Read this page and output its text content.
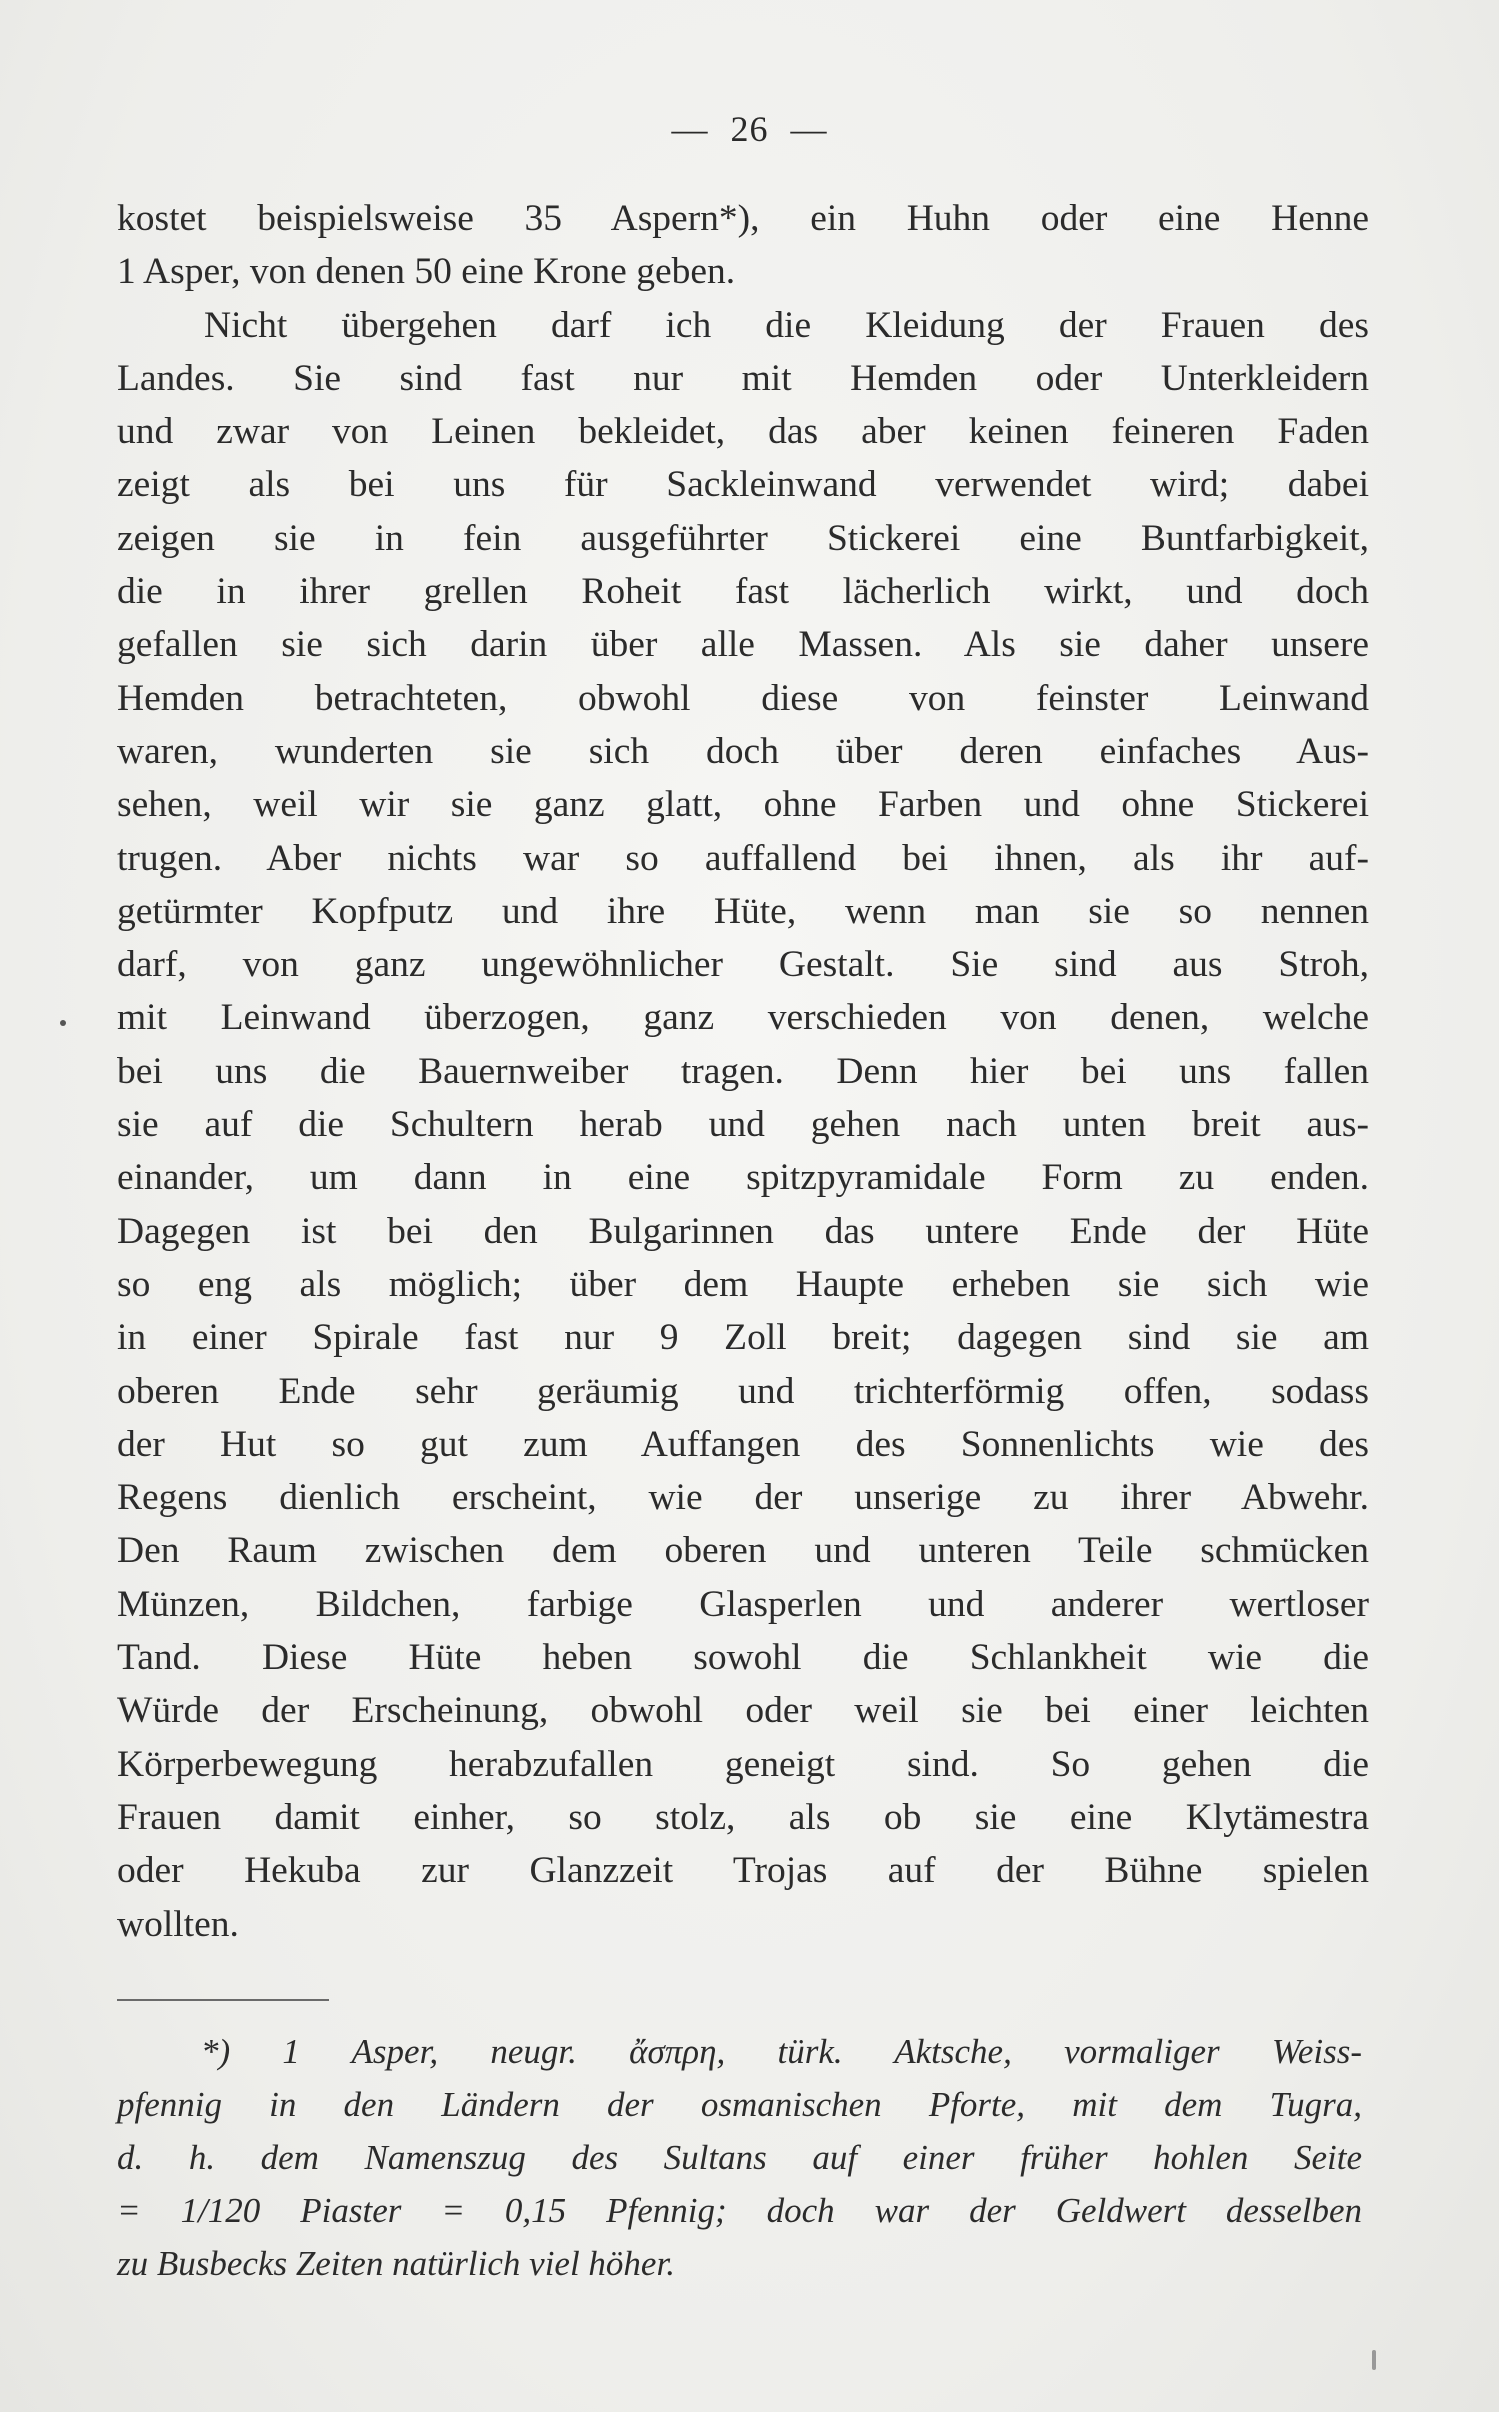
— 26 —
kostet beispielsweise 35 Aspern*), ein Huhn oder eine Henne
1 Asper, von denen 50 eine Krone geben.
Nicht übergehen darf ich die Kleidung der Frauen des
Landes. Sie sind fast nur mit Hemden oder Unterkleidern
und zwar von Leinen bekleidet, das aber keinen feineren Faden
zeigt als bei uns für Sackleinwand verwendet wird; dabei
zeigen sie in fein ausgeführter Stickerei eine Buntfarbigkeit,
die in ihrer grellen Roheit fast lächerlich wirkt, und doch
gefallen sie sich darin über alle Massen. Als sie daher unsere
Hemden betrachteten, obwohl diese von feinster Leinwand
waren, wunderten sie sich doch über deren einfaches Aus-
sehen, weil wir sie ganz glatt, ohne Farben und ohne Stickerei
trugen. Aber nichts war so auffallend bei ihnen, als ihr auf-
getürmter Kopfputz und ihre Hüte, wenn man sie so nennen
darf, von ganz ungewöhnlicher Gestalt. Sie sind aus Stroh,
mit Leinwand überzogen, ganz verschieden von denen, welche
bei uns die Bauernweiber tragen. Denn hier bei uns fallen
sie auf die Schultern herab und gehen nach unten breit aus-
einander, um dann in eine spitzpyramidale Form zu enden.
Dagegen ist bei den Bulgarinnen das untere Ende der Hüte
so eng als möglich; über dem Haupte erheben sie sich wie
in einer Spirale fast nur 9 Zoll breit; dagegen sind sie am
oberen Ende sehr geräumig und trichterförmig offen, sodass
der Hut so gut zum Auffangen des Sonnenlichts wie des
Regens dienlich erscheint, wie der unserige zu ihrer Abwehr.
Den Raum zwischen dem oberen und unteren Teile schmücken
Münzen, Bildchen, farbige Glasperlen und anderer wertloser
Tand. Diese Hüte heben sowohl die Schlankheit wie die
Würde der Erscheinung, obwohl oder weil sie bei einer leichten
Körperbewegung herabzufallen geneigt sind. So gehen die
Frauen damit einher, so stolz, als ob sie eine Klytämestra
oder Hekuba zur Glanzzeit Trojas auf der Bühne spielen
wollten.
*) 1 Asper, neugr. ἄσπρη, türk. Aktsche, vormaliger Weiss-
pfennig in den Ländern der osmanischen Pforte, mit dem Tugra,
d. h. dem Namenszug des Sultans auf einer früher hohlen Seite
= 1/120 Piaster = 0,15 Pfennig; doch war der Geldwert desselben
zu Busbecks Zeiten natürlich viel höher.
